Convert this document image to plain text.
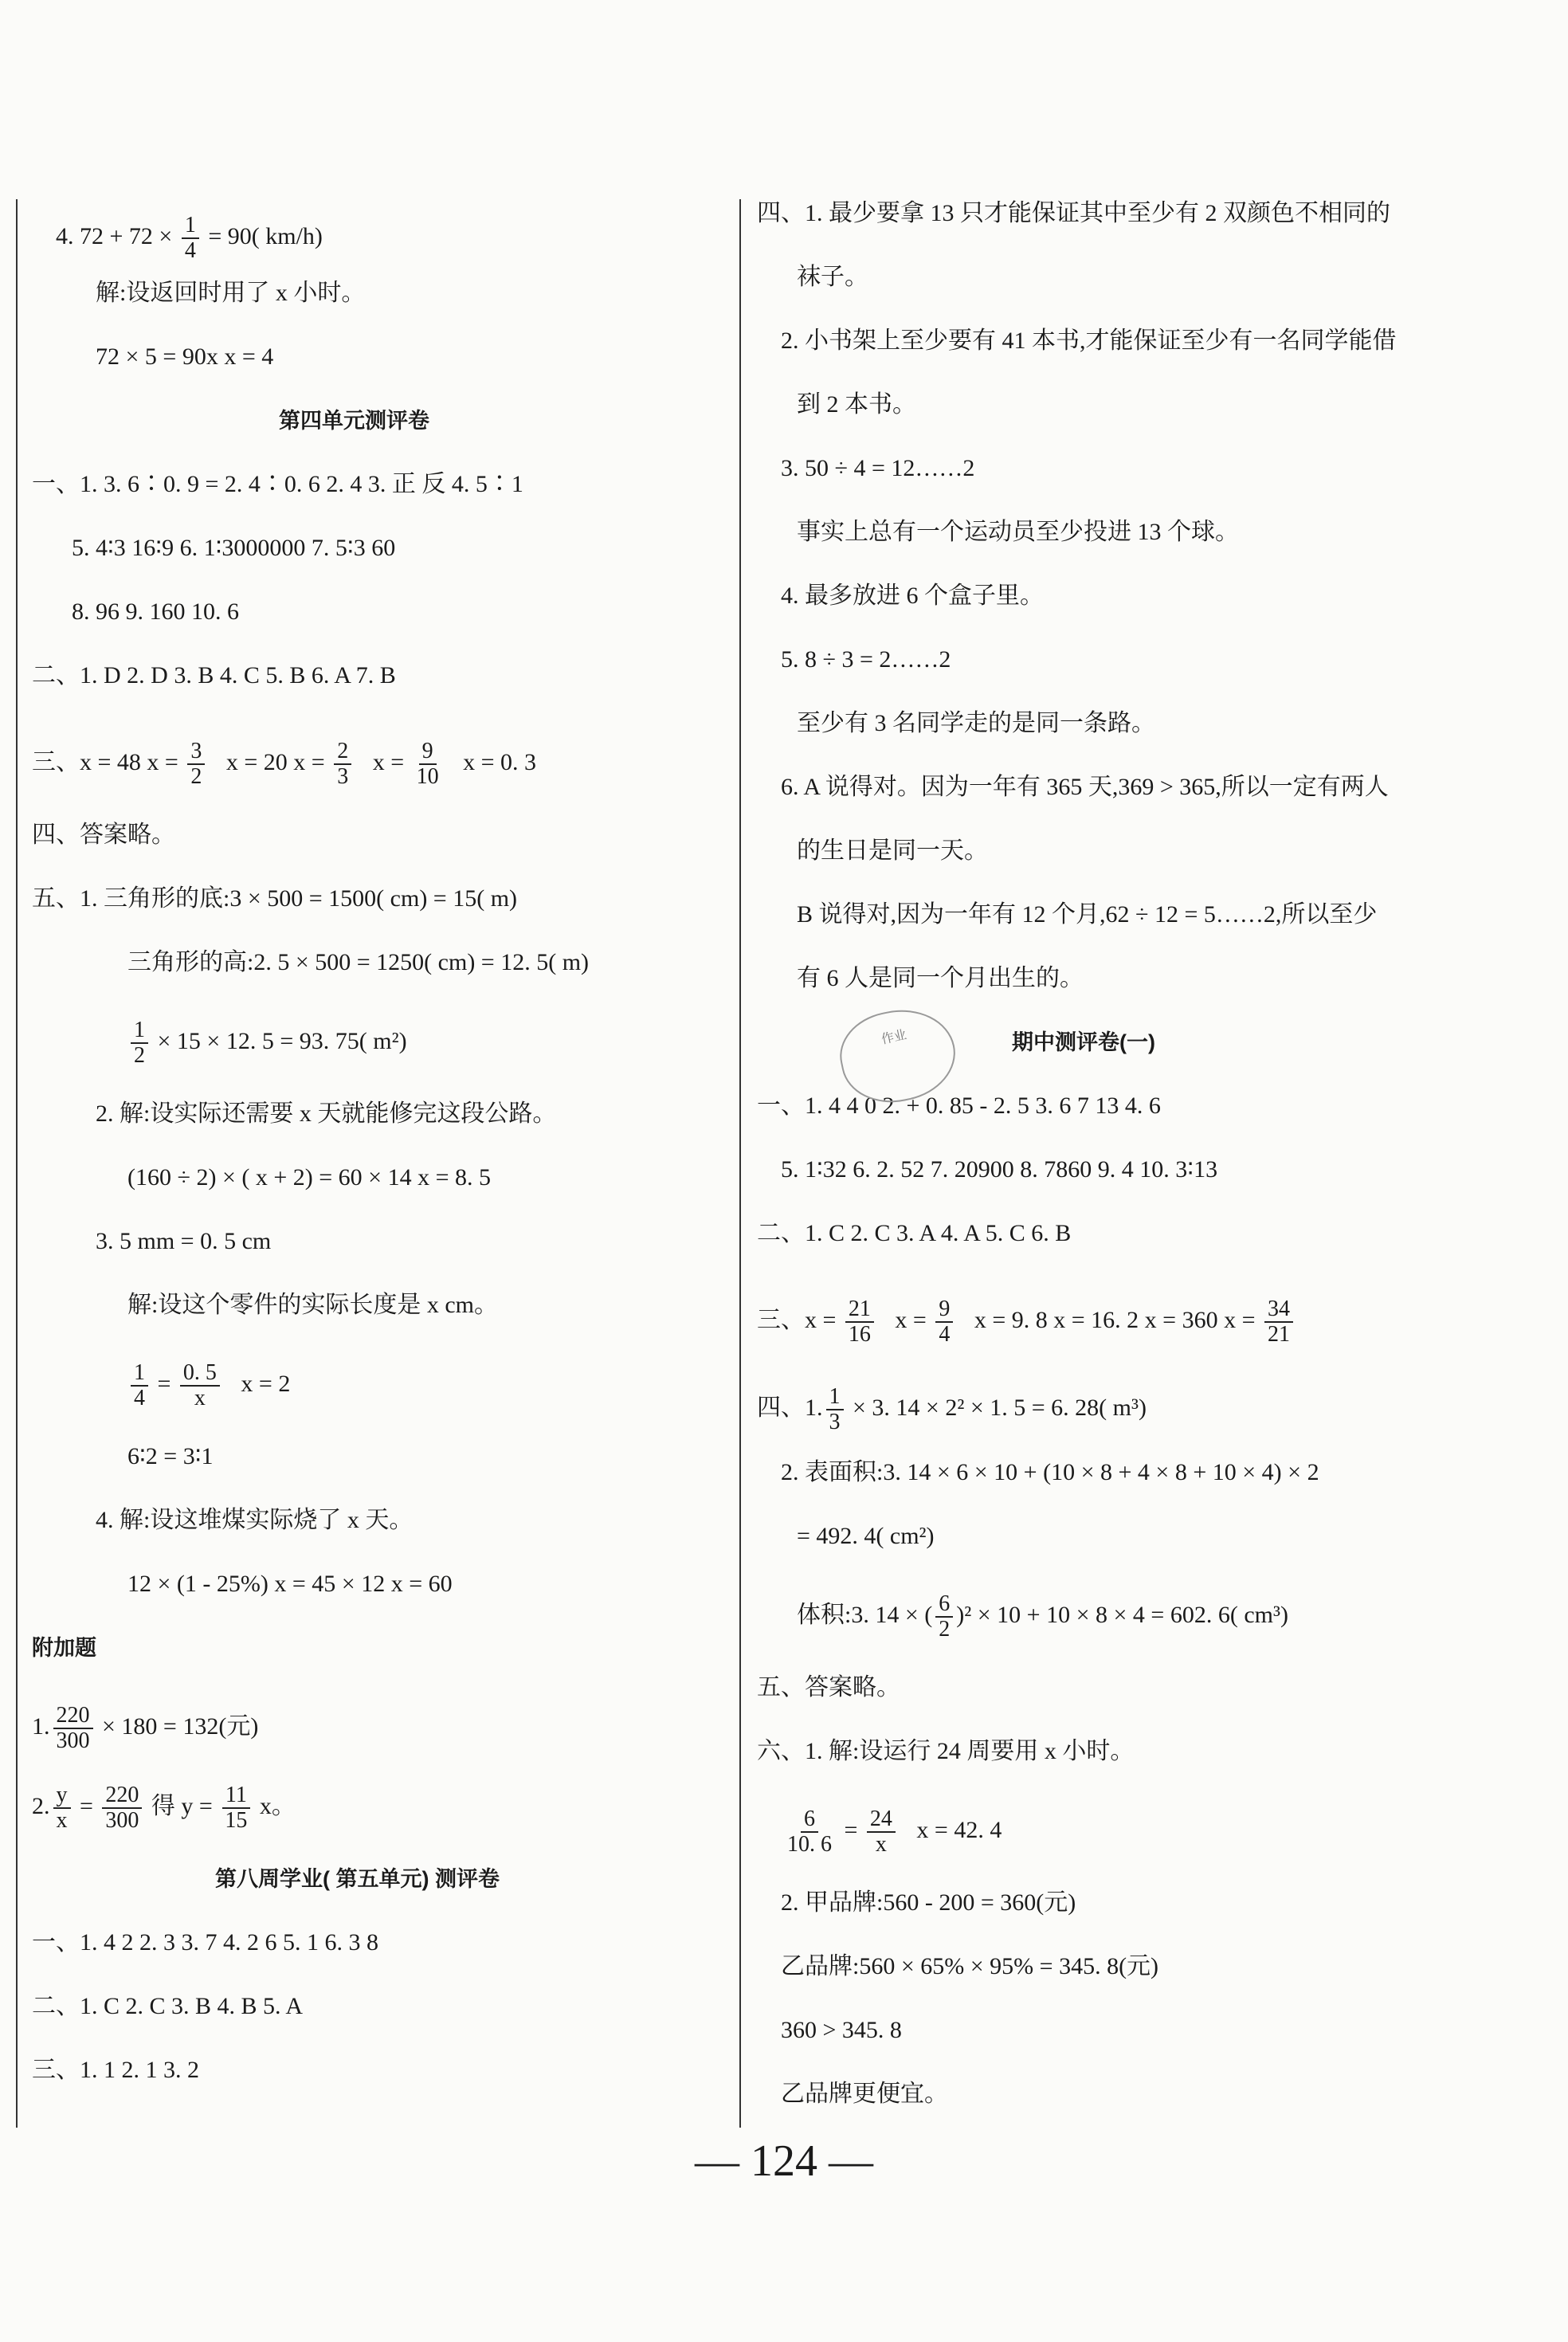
4. $72 + 72 \times \frac{1}{4} = 90$( km/h)
解:设返回时用了 x 小时。
72 × 5 = 90x x = 4
第四单元测评卷
一、1. 3. 6∶0. 9 = 2. 4∶0. 6 2. 4 3. 正 反 4. 5∶1
5. 4∶3 16∶9 6. 1∶3000000 7. 5∶3 60
8. 96 9. 160 10. 6
二、1. D 2. D 3. B 4. C 5. B 6. A 7. B
三、x = 48 $x = \frac{3}{2}$ x = 20 $x = \frac{2}{3}$ $x = \frac{9}{10}$ x = 0. 3
四、答案略。
五、1. 三角形的底:3 × 500 = 1500( cm) = 15( m)
三角形的高:2. 5 × 500 = 1250( cm) = 12. 5( m)
$\frac{1}{2} \times 15 \times 12$. 5 = 93. 75( m²)
2. 解:设实际还需要 x 天就能修完这段公路。
(160 ÷ 2) × ( x + 2) = 60 × 14 x = 8. 5
3. 5 mm = 0. 5 cm
解:设这个零件的实际长度是 x cm。
$\frac{1}{4} = \frac{0. 5}{x}$ x = 2
6∶2 = 3∶1
4. 解:设这堆煤实际烧了 x 天。
12 × (1 - 25%) x = 45 × 12 x = 60
附加题
1. $\frac{220}{300} \times 180 = 132$(元)
2. $\frac{y}{x} = \frac{220}{300}$ 得 $y = \frac{11}{15}$ x。
第八周学业( 第五单元) 测评卷
一、1. 4 2 2. 3 3. 7 4. 2 6 5. 1 6. 3 8
二、1. C 2. C 3. B 4. B 5. A
三、1. 1 2. 1 3. 2
四、1. 最少要拿 13 只才能保证其中至少有 2 双颜色不相同的
袜子。
2. 小书架上至少要有 41 本书,才能保证至少有一名同学能借
到 2 本书。
3. 50 ÷ 4 = 12……2
事实上总有一个运动员至少投进 13 个球。
4. 最多放进 6 个盒子里。
5. 8 ÷ 3 = 2……2
至少有 3 名同学走的是同一条路。
6. A 说得对。因为一年有 365 天,369 > 365,所以一定有两人
的生日是同一天。
B 说得对,因为一年有 12 个月,62 ÷ 12 = 5……2,所以至少
有 6 人是同一个月出生的。
期中测评卷(一)
一、1. 4 4 0 2. + 0. 85 - 2. 5 3. 6 7 13 4. 6
5. 1∶32 6. 2. 52 7. 20900 8. 7860 9. 4 10. 3∶13
二、1. C 2. C 3. A 4. A 5. C 6. B
三、$x = \frac{21}{16}$ $x = \frac{9}{4}$ x = 9. 8 x = 16. 2 x = 360 $x = \frac{34}{21}$
四、1. $\frac{1}{3} \times 3$. 14 × 2² × 1. 5 = 6. 28( m³)
2. 表面积:3. 14 × 6 × 10 + (10 × 8 + 4 × 8 + 10 × 4) × 2
= 492. 4( cm²)
体积:3. 14 × ( $\frac{6}{2} )^2 \times 10 + 10 \times 8 \times 4 = 602$. 6( cm³)
五、答案略。
六、1. 解:设运行 24 周要用 x 小时。
$\frac{6}{10. 6} = \frac{24}{x}$ x = 42. 4
2. 甲品牌:560 - 200 = 360(元)
乙品牌:560 × 65% × 95% = 345. 8(元)
360 > 345. 8
乙品牌更便宜。
作业
— 124 —
